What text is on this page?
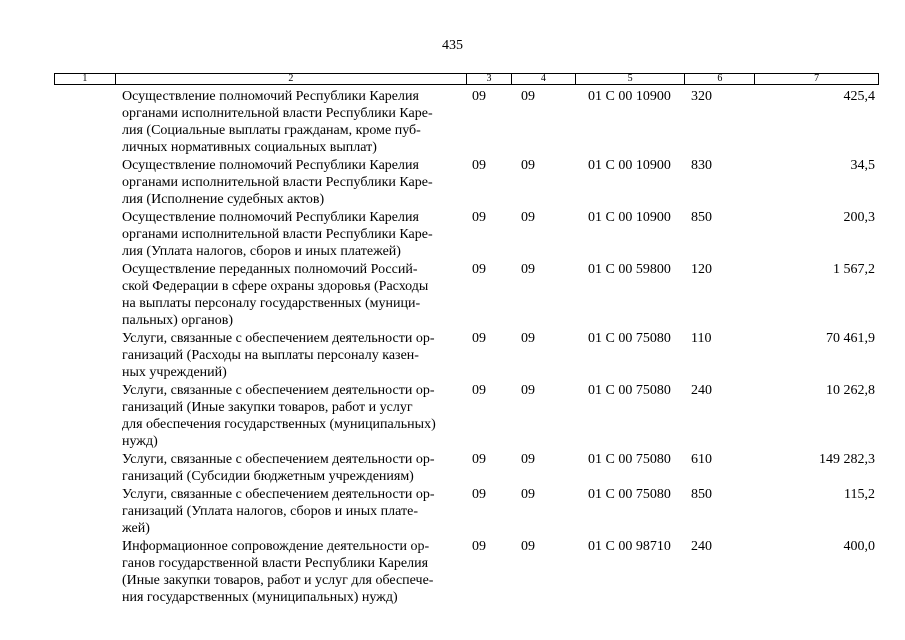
435
1	2	3	4	5	6	7
Осуществление полномочий Республики Карелия
органами исполнительной власти Республики Каре-
лия (Социальные выплаты гражданам, кроме пуб-
личных нормативных социальных выплат)
09	09	01 С 00 10900	320	425,4
Осуществление полномочий Республики Карелия
органами исполнительной власти Республики Каре-
лия (Исполнение судебных актов)
09	09	01 С 00 10900	830	34,5
Осуществление полномочий Республики Карелия
органами исполнительной власти Республики Каре-
лия (Уплата налогов, сборов и иных платежей)
09	09	01 С 00 10900	850	200,3
Осуществление переданных полномочий Россий-
ской Федерации в сфере охраны здоровья (Расходы
на выплаты персоналу государственных (муници-
пальных) органов)
09	09	01 С 00 59800	120	1 567,2
Услуги, связанные с обеспечением деятельности ор-
ганизаций (Расходы на выплаты персоналу казен-
ных учреждений)
09	09	01 С 00 75080	110	70 461,9
Услуги, связанные с обеспечением деятельности ор-
ганизаций (Иные закупки товаров, работ и услуг
для обеспечения государственных (муниципальных)
нужд)
09	09	01 С 00 75080	240	10 262,8
Услуги, связанные с обеспечением деятельности ор-
ганизаций (Субсидии бюджетным учреждениям)
09	09	01 С 00 75080	610	149 282,3
Услуги, связанные с обеспечением деятельности ор-
ганизаций (Уплата налогов, сборов и иных плате-
жей)
09	09	01 С 00 75080	850	115,2
Информационное сопровождение деятельности ор-
ганов государственной власти Республики Карелия
(Иные закупки товаров, работ и услуг для обеспече-
ния государственных (муниципальных) нужд)
09	09	01 С 00 98710	240	400,0
